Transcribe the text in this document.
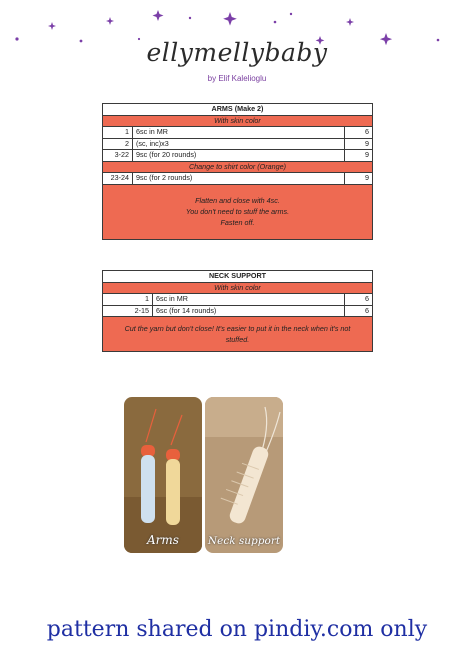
ellymellybaby
by Elif Kalelioglu
ARMS (Make 2)		
With skin color		
1	6sc in MR	6
2	(sc, inc)x3	9
3-22	9sc (for 20 rounds)	9
Change to shirt color (Orange)		
23-24	9sc (for 2 rounds)	9

Flatten and close with 4sc.
You don't need to stuff the arms.
Fasten off.		
NECK SUPPORT		
With skin color		
1	6sc in MR	6
2-15	6sc (for 14 rounds)	6

Cut the yarn but don't close! It's easier to put it in the neck when it's not
stuffed.		
Arms	Neck support
pattern shared on pindiy.com only
